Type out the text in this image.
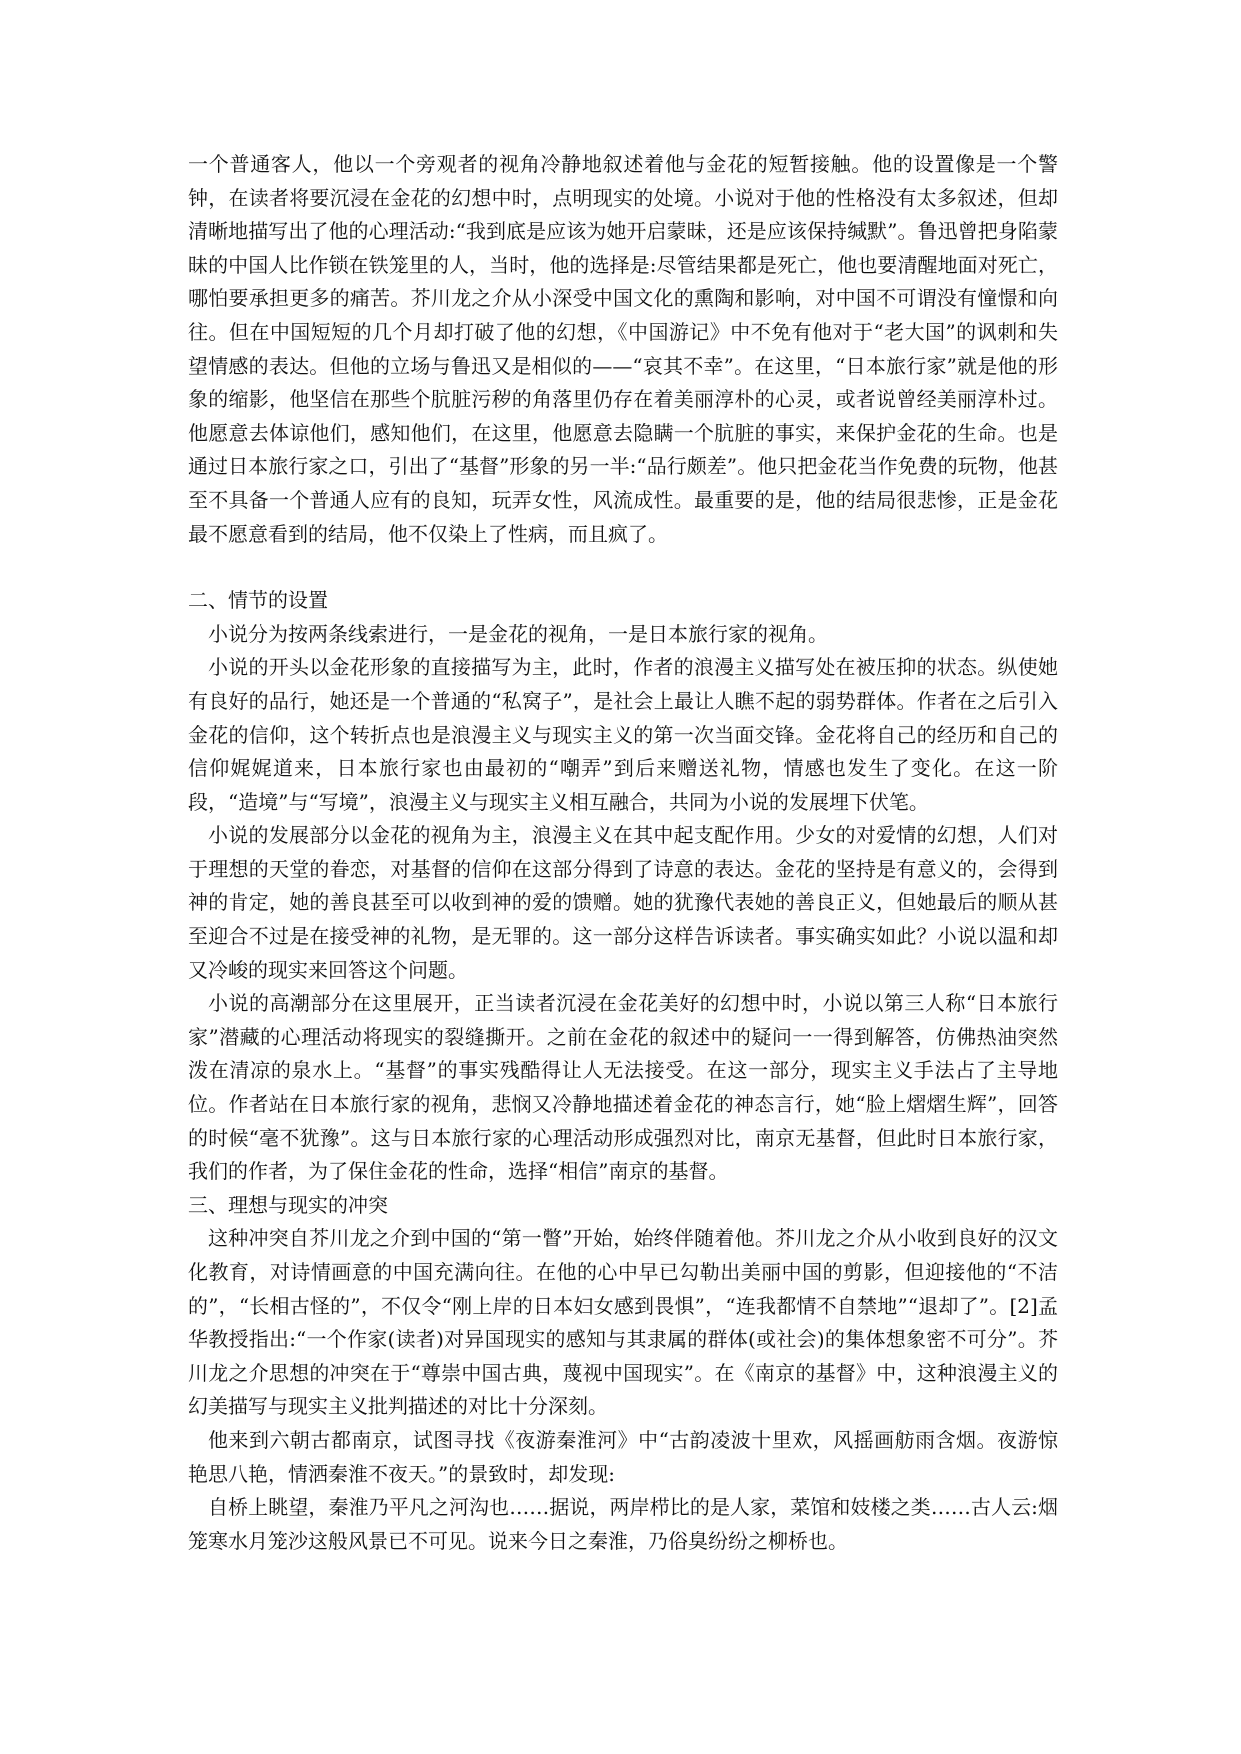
一个普通客人，他以一个旁观者的视角冷静地叙述着他与金花的短暂接触。他的设置像是一个警钟，在读者将要沉浸在金花的幻想中时，点明现实的处境。小说对于他的性格没有太多叙述，但却清晰地描写出了他的心理活动:“我到底是应该为她开启蒙昧，还是应该保持缄默”。鲁迅曾把身陷蒙昧的中国人比作锁在铁笼里的人，当时，他的选择是:尽管结果都是死亡，他也要清醒地面对死亡，哪怕要承担更多的痛苦。芥川龙之介从小深受中国文化的熏陶和影响，对中国不可谓没有憧憬和向往。但在中国短短的几个月却打破了他的幻想，《中国游记》中不免有他对于“老大国”的讽刺和失望情感的表达。但他的立场与鲁迅又是相似的——“哀其不幸”。在这里，“日本旅行家”就是他的形象的缩影，他坚信在那些个肮脏污秽的角落里仍存在着美丽淳朴的心灵，或者说曾经美丽淳朴过。他愿意去体谅他们，感知他们，在这里，他愿意去隐瞒一个肮脏的事实，来保护金花的生命。也是通过日本旅行家之口，引出了“基督”形象的另一半:“品行颇差”。他只把金花当作免费的玩物，他甚至不具备一个普通人应有的良知，玩弄女性，风流成性。最重要的是，他的结局很悲惨，正是金花最不愿意看到的结局，他不仅染上了性病，而且疯了。

二、情节的设置

小说分为按两条线索进行，一是金花的视角，一是日本旅行家的视角。

小说的开头以金花形象的直接描写为主，此时，作者的浪漫主义描写处在被压抑的状态。纵使她有良好的品行，她还是一个普通的“私窝子”，是社会上最让人瞧不起的弱势群体。作者在之后引入金花的信仰，这个转折点也是浪漫主义与现实主义的第一次当面交锋。金花将自己的经历和自己的信仰娓娓道来，日本旅行家也由最初的“嘲弄”到后来赠送礼物，情感也发生了变化。在这一阶段，“造境”与“写境”，浪漫主义与现实主义相互融合，共同为小说的发展埋下伏笔。

小说的发展部分以金花的视角为主，浪漫主义在其中起支配作用。少女的对爱情的幻想，人们对于理想的天堂的眷恋，对基督的信仰在这部分得到了诗意的表达。金花的坚持是有意义的，会得到神的肯定，她的善良甚至可以收到神的爱的馈赠。她的犹豫代表她的善良正义，但她最后的顺从甚至迎合不过是在接受神的礼物，是无罪的。这一部分这样告诉读者。事实确实如此？小说以温和却又冷峻的现实来回答这个问题。

小说的高潮部分在这里展开，正当读者沉浸在金花美好的幻想中时，小说以第三人称“日本旅行家”潜藏的心理活动将现实的裂缝撕开。之前在金花的叙述中的疑问一一得到解答，仿佛热油突然泼在清凉的泉水上。“基督”的事实残酷得让人无法接受。在这一部分，现实主义手法占了主导地位。作者站在日本旅行家的视角，悲悯又冷静地描述着金花的神态言行，她“脸上熠熠生辉”，回答的时候“毫不犹豫”。这与日本旅行家的心理活动形成强烈对比，南京无基督，但此时日本旅行家，我们的作者，为了保住金花的性命，选择“相信”南京的基督。

三、理想与现实的冲突

这种冲突自芥川龙之介到中国的“第一瞥”开始，始终伴随着他。芥川龙之介从小收到良好的汉文化教育，对诗情画意的中国充满向往。在他的心中早已勾勒出美丽中国的剪影，但迎接他的“不洁的”，“长相古怪的”，不仅令“刚上岸的日本妇女感到畏惧”，“连我都情不自禁地”“退却了”。[2]孟华教授指出:“一个作家(读者)对异国现实的感知与其隶属的群体(或社会)的集体想象密不可分”。芥川龙之介思想的冲突在于“尊崇中国古典，蔑视中国现实”。在《南京的基督》中，这种浪漫主义的幻美描写与现实主义批判描述的对比十分深刻。

他来到六朝古都南京，试图寻找《夜游秦淮河》中“古韵凌波十里欢，风摇画舫雨含烟。夜游惊艳思八艳，情洒秦淮不夜天。”的景致时，却发现:

自桥上眺望，秦淮乃平凡之河沟也……据说，两岸栉比的是人家，菜馆和妓楼之类……古人云:烟笼寒水月笼沙这般风景已不可见。说来今日之秦淮，乃俗臭纷纷之柳桥也。
